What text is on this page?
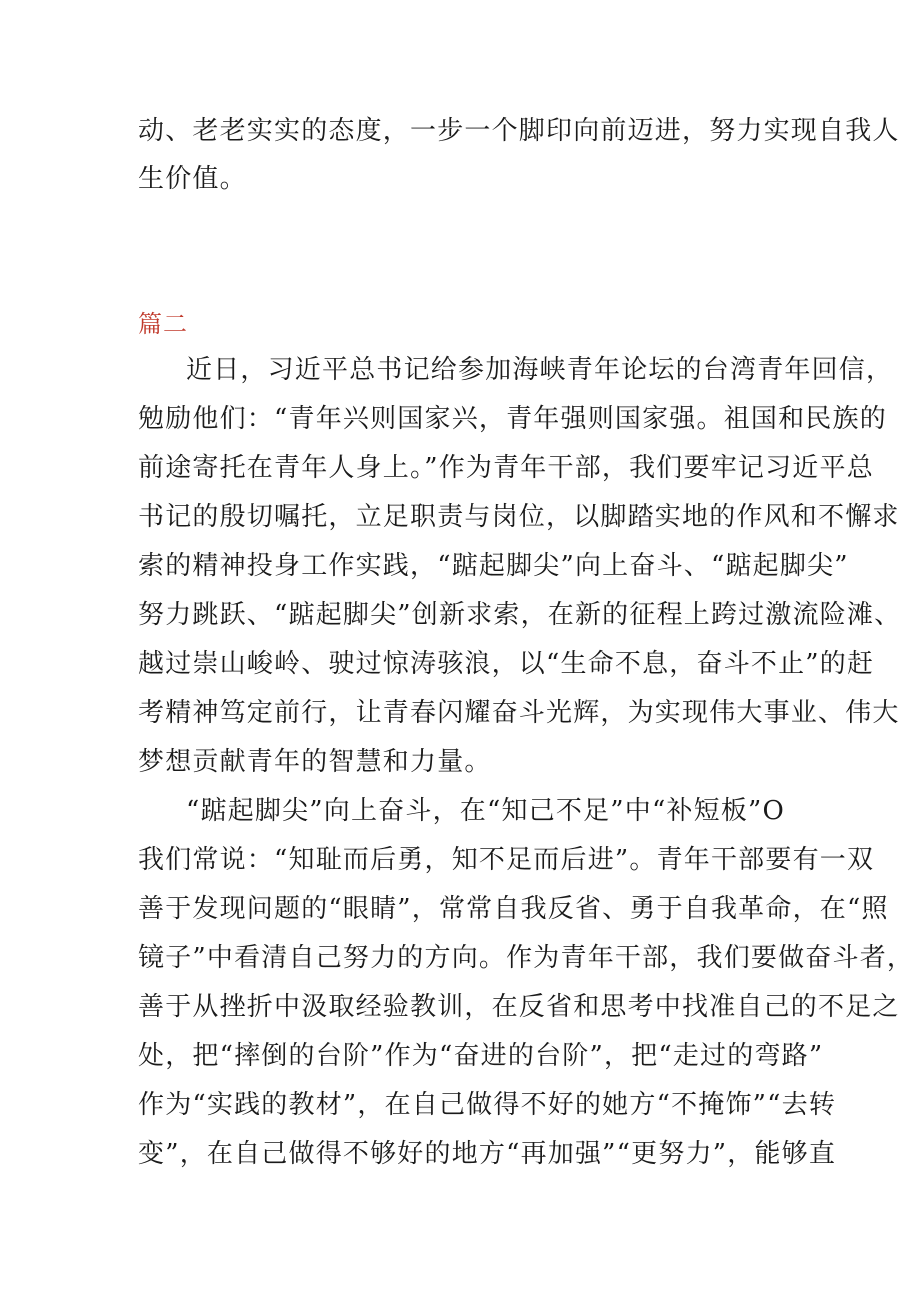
动、老老实实的态度，一步一个脚印向前迈进，努力实现自我人
生价值。
篇二
近日，习近平总书记给参加海峡青年论坛的台湾青年回信，
勉励他们：“青年兴则国家兴，青年强则国家强。祖国和民族的
前途寄托在青年人身上。”作为青年干部，我们要牢记习近平总
书记的殷切嘱托，立足职责与岗位，以脚踏实地的作风和不懈求
索的精神投身工作实践，“踮起脚尖”向上奋斗、“踮起脚尖”
努力跳跃、“踮起脚尖”创新求索，在新的征程上跨过激流险滩、
越过崇山峻岭、驶过惊涛骇浪，以“生命不息，奋斗不止”的赶
考精神笃定前行，让青春闪耀奋斗光辉，为实现伟大事业、伟大
梦想贡献青年的智慧和力量。
“踮起脚尖”向上奋斗，在“知己不足”中“补短板”O
我们常说：“知耻而后勇，知不足而后进”。青年干部要有一双
善于发现问题的“眼睛”，常常自我反省、勇于自我革命，在“照
镜子”中看清自己努力的方向。作为青年干部，我们要做奋斗者，
善于从挫折中汲取经验教训，在反省和思考中找准自己的不足之
处，把“摔倒的台阶”作为“奋进的台阶”，把“走过的弯路”
作为“实践的教材”，在自己做得不好的她方“不掩饰”“去转
变”，在自己做得不够好的地方“再加强”“更努力”，能够直
